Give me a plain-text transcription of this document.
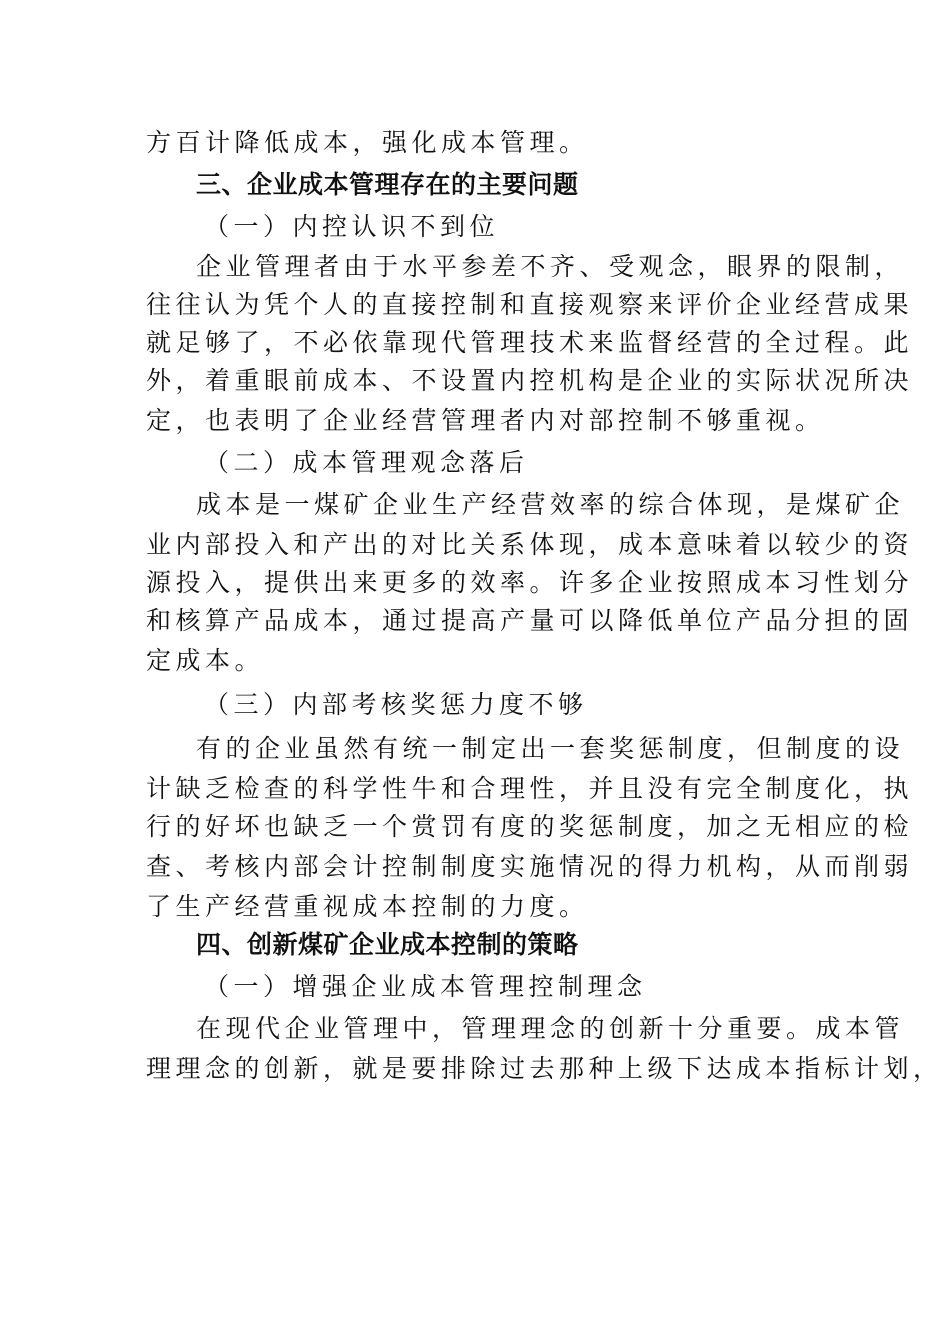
方百计降低成本，强化成本管理。
三、企业成本管理存在的主要问题
（一）内控认识不到位
企业管理者由于水平参差不齐、受观念，眼界的限制，
往往认为凭个人的直接控制和直接观察来评价企业经营成果
就足够了，不必依靠现代管理技术来监督经营的全过程。此
外，着重眼前成本、不设置内控机构是企业的实际状况所决
定，也表明了企业经营管理者内对部控制不够重视。
（二）成本管理观念落后
成本是一煤矿企业生产经营效率的综合体现，是煤矿企
业内部投入和产出的对比关系体现，成本意味着以较少的资
源投入，提供出来更多的效率。许多企业按照成本习性划分
和核算产品成本，通过提高产量可以降低单位产品分担的固
定成本。
（三）内部考核奖惩力度不够
有的企业虽然有统一制定出一套奖惩制度，但制度的设
计缺乏检查的科学性牛和合理性，并且没有完全制度化，执
行的好坏也缺乏一个赏罚有度的奖惩制度，加之无相应的检
查、考核内部会计控制制度实施情况的得力机构，从而削弱
了生产经营重视成本控制的力度。
四、创新煤矿企业成本控制的策略
（一）增强企业成本管理控制理念
在现代企业管理中，管理理念的创新十分重要。成本管
理理念的创新，就是要排除过去那种上级下达成本指标计划，
